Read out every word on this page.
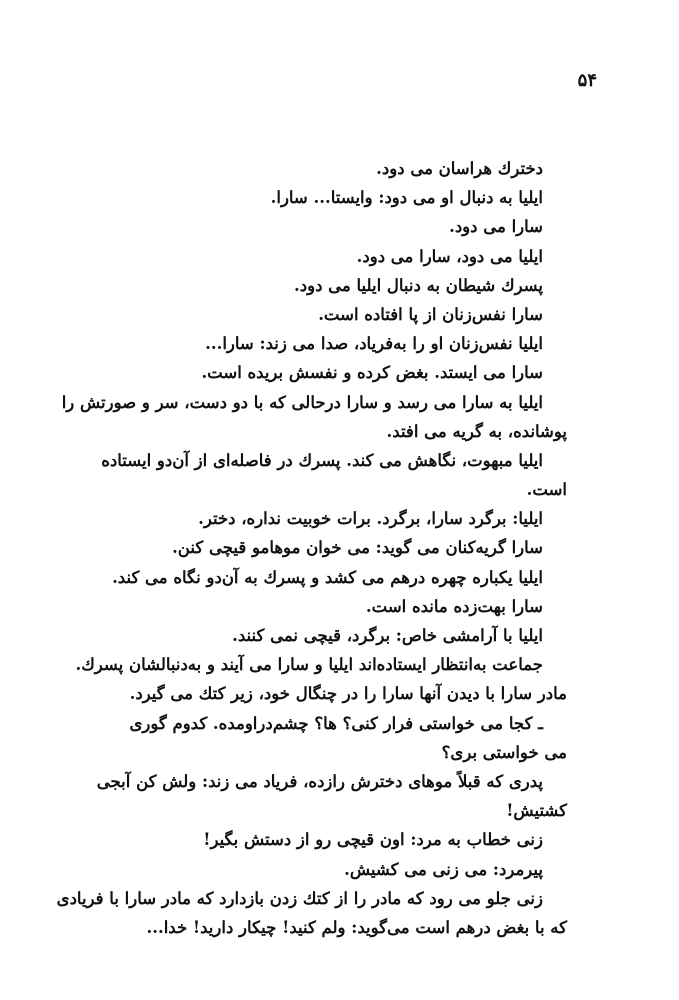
۵۴
دخترك هراسان می دود.
ایلیا به دنبال او می دود: وایستا... سارا.
سارا می دود.
ایلیا می دود، سارا می دود.
پسرك شیطان به دنبال ایلیا می دود.
سارا نفس‌زنان از پا افتاده است.
ایلیا نفس‌زنان او را به‌فریاد، صدا می زند: سارا...
سارا می ایستد. بغض کرده و نفسش بریده است.
ایلیا به سارا می رسد و سارا درحالی که با دو دست، سر و صورتش را
پوشانده، به گریه می افتد.
ایلیا مبهوت، نگاهش می کند. پسرك در فاصله‌ای از آن‌دو ایستاده
است.
ایلیا: برگرد سارا، برگرد. برات خوبیت نداره، دختر.
سارا گریه‌کنان می گوید: می خوان موهامو قیچی کنن.
ایلیا یکباره چهره درهم می کشد و پسرك به آن‌دو نگاه می کند.
سارا بهت‌زده مانده است.
ایلیا با آرامشی خاص: برگرد، قیچی نمی کنند.
جماعت به‌انتظار ایستاده‌اند ایلیا و سارا می آیند و به‌دنبالشان پسرك.
مادر سارا با دیدن آنها سارا را در چنگال خود، زیر کتك می گیرد.
ـ کجا می خواستی فرار کنی؟ ها؟ چشم‌دراومده. کدوم گوری
می خواستی بری؟
پدری که قبلاً موهای دخترش رازده، فریاد می زند: ولش کن آبجی
کشتیش!
زنی خطاب به مرد: اون قیچی رو از دستش بگیر!
پیرمرد: می زنی می کشیش.
زنی جلو می رود که مادر را از کتك زدن بازدارد که مادر سارا با فریادی
که با بغض درهم است می‌گوید: ولم کنید! چیکار دارید! خدا...
